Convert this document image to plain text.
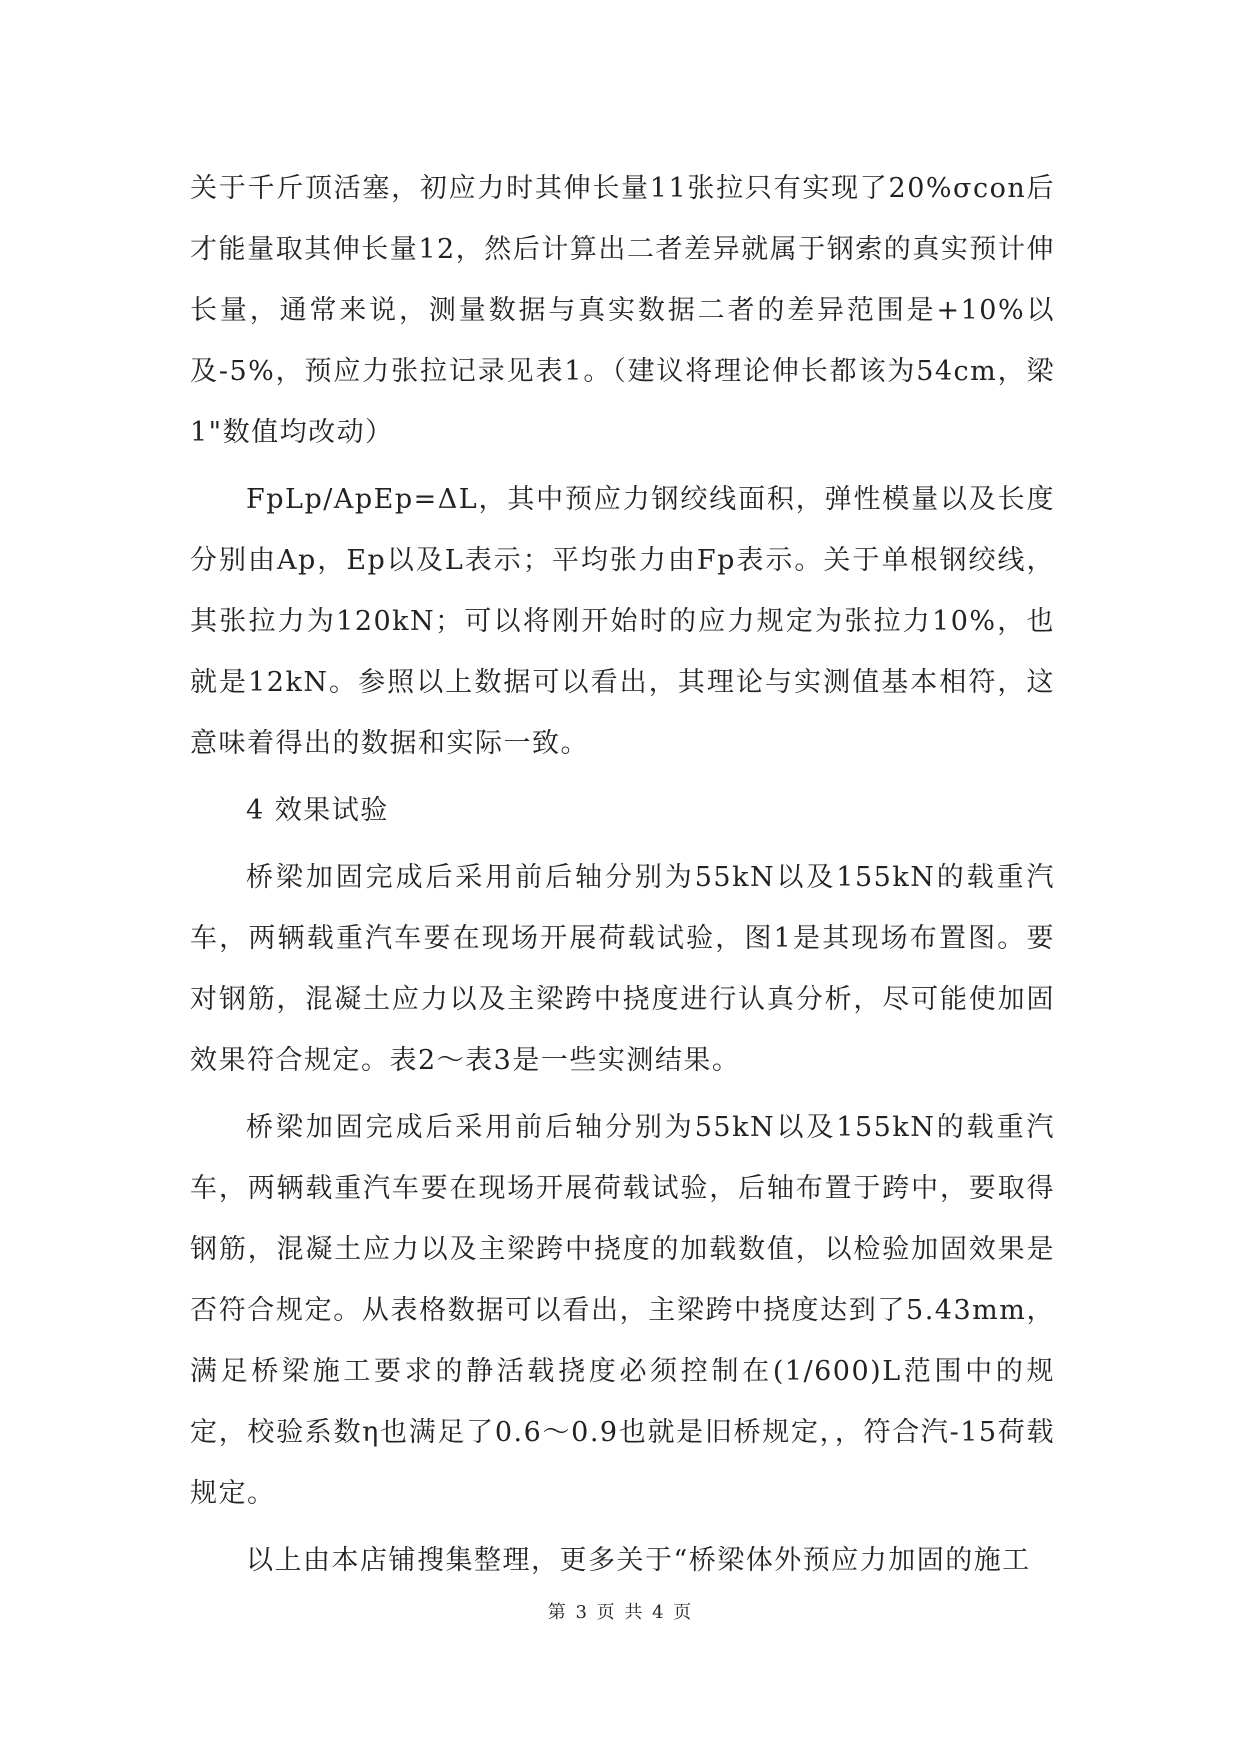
关于千斤顶活塞，初应力时其伸长量11张拉只有实现了20%σcon后才能量取其伸长量12，然后计算出二者差异就属于钢索的真实预计伸长量，通常来说，测量数据与真实数据二者的差异范围是+10%以及-5%，预应力张拉记录见表1。（建议将理论伸长都该为54cm，梁1"数值均改动）

FpLp/ApEp=ΔL，其中预应力钢绞线面积，弹性模量以及长度分别由Ap，Ep以及L表示；平均张力由Fp表示。关于单根钢绞线，其张拉力为120kN；可以将刚开始时的应力规定为张拉力10%，也就是12kN。参照以上数据可以看出，其理论与实测值基本相符，这意味着得出的数据和实际一致。

4 效果试验

桥梁加固完成后采用前后轴分别为55kN以及155kN的载重汽车，两辆载重汽车要在现场开展荷载试验，图1是其现场布置图。要对钢筋，混凝土应力以及主梁跨中挠度进行认真分析，尽可能使加固效果符合规定。表2～表3是一些实测结果。

桥梁加固完成后采用前后轴分别为55kN以及155kN的载重汽车，两辆载重汽车要在现场开展荷载试验，后轴布置于跨中，要取得钢筋，混凝土应力以及主梁跨中挠度的加载数值，以检验加固效果是否符合规定。从表格数据可以看出，主梁跨中挠度达到了5.43mm，满足桥梁施工要求的静活载挠度必须控制在(1/600)L范围中的规定，校验系数η也满足了0.6～0.9也就是旧桥规定，，符合汽-15荷载规定。

以上由本店铺搜集整理，更多关于“桥梁体外预应力加固的施工

第 3 页 共 4 页
